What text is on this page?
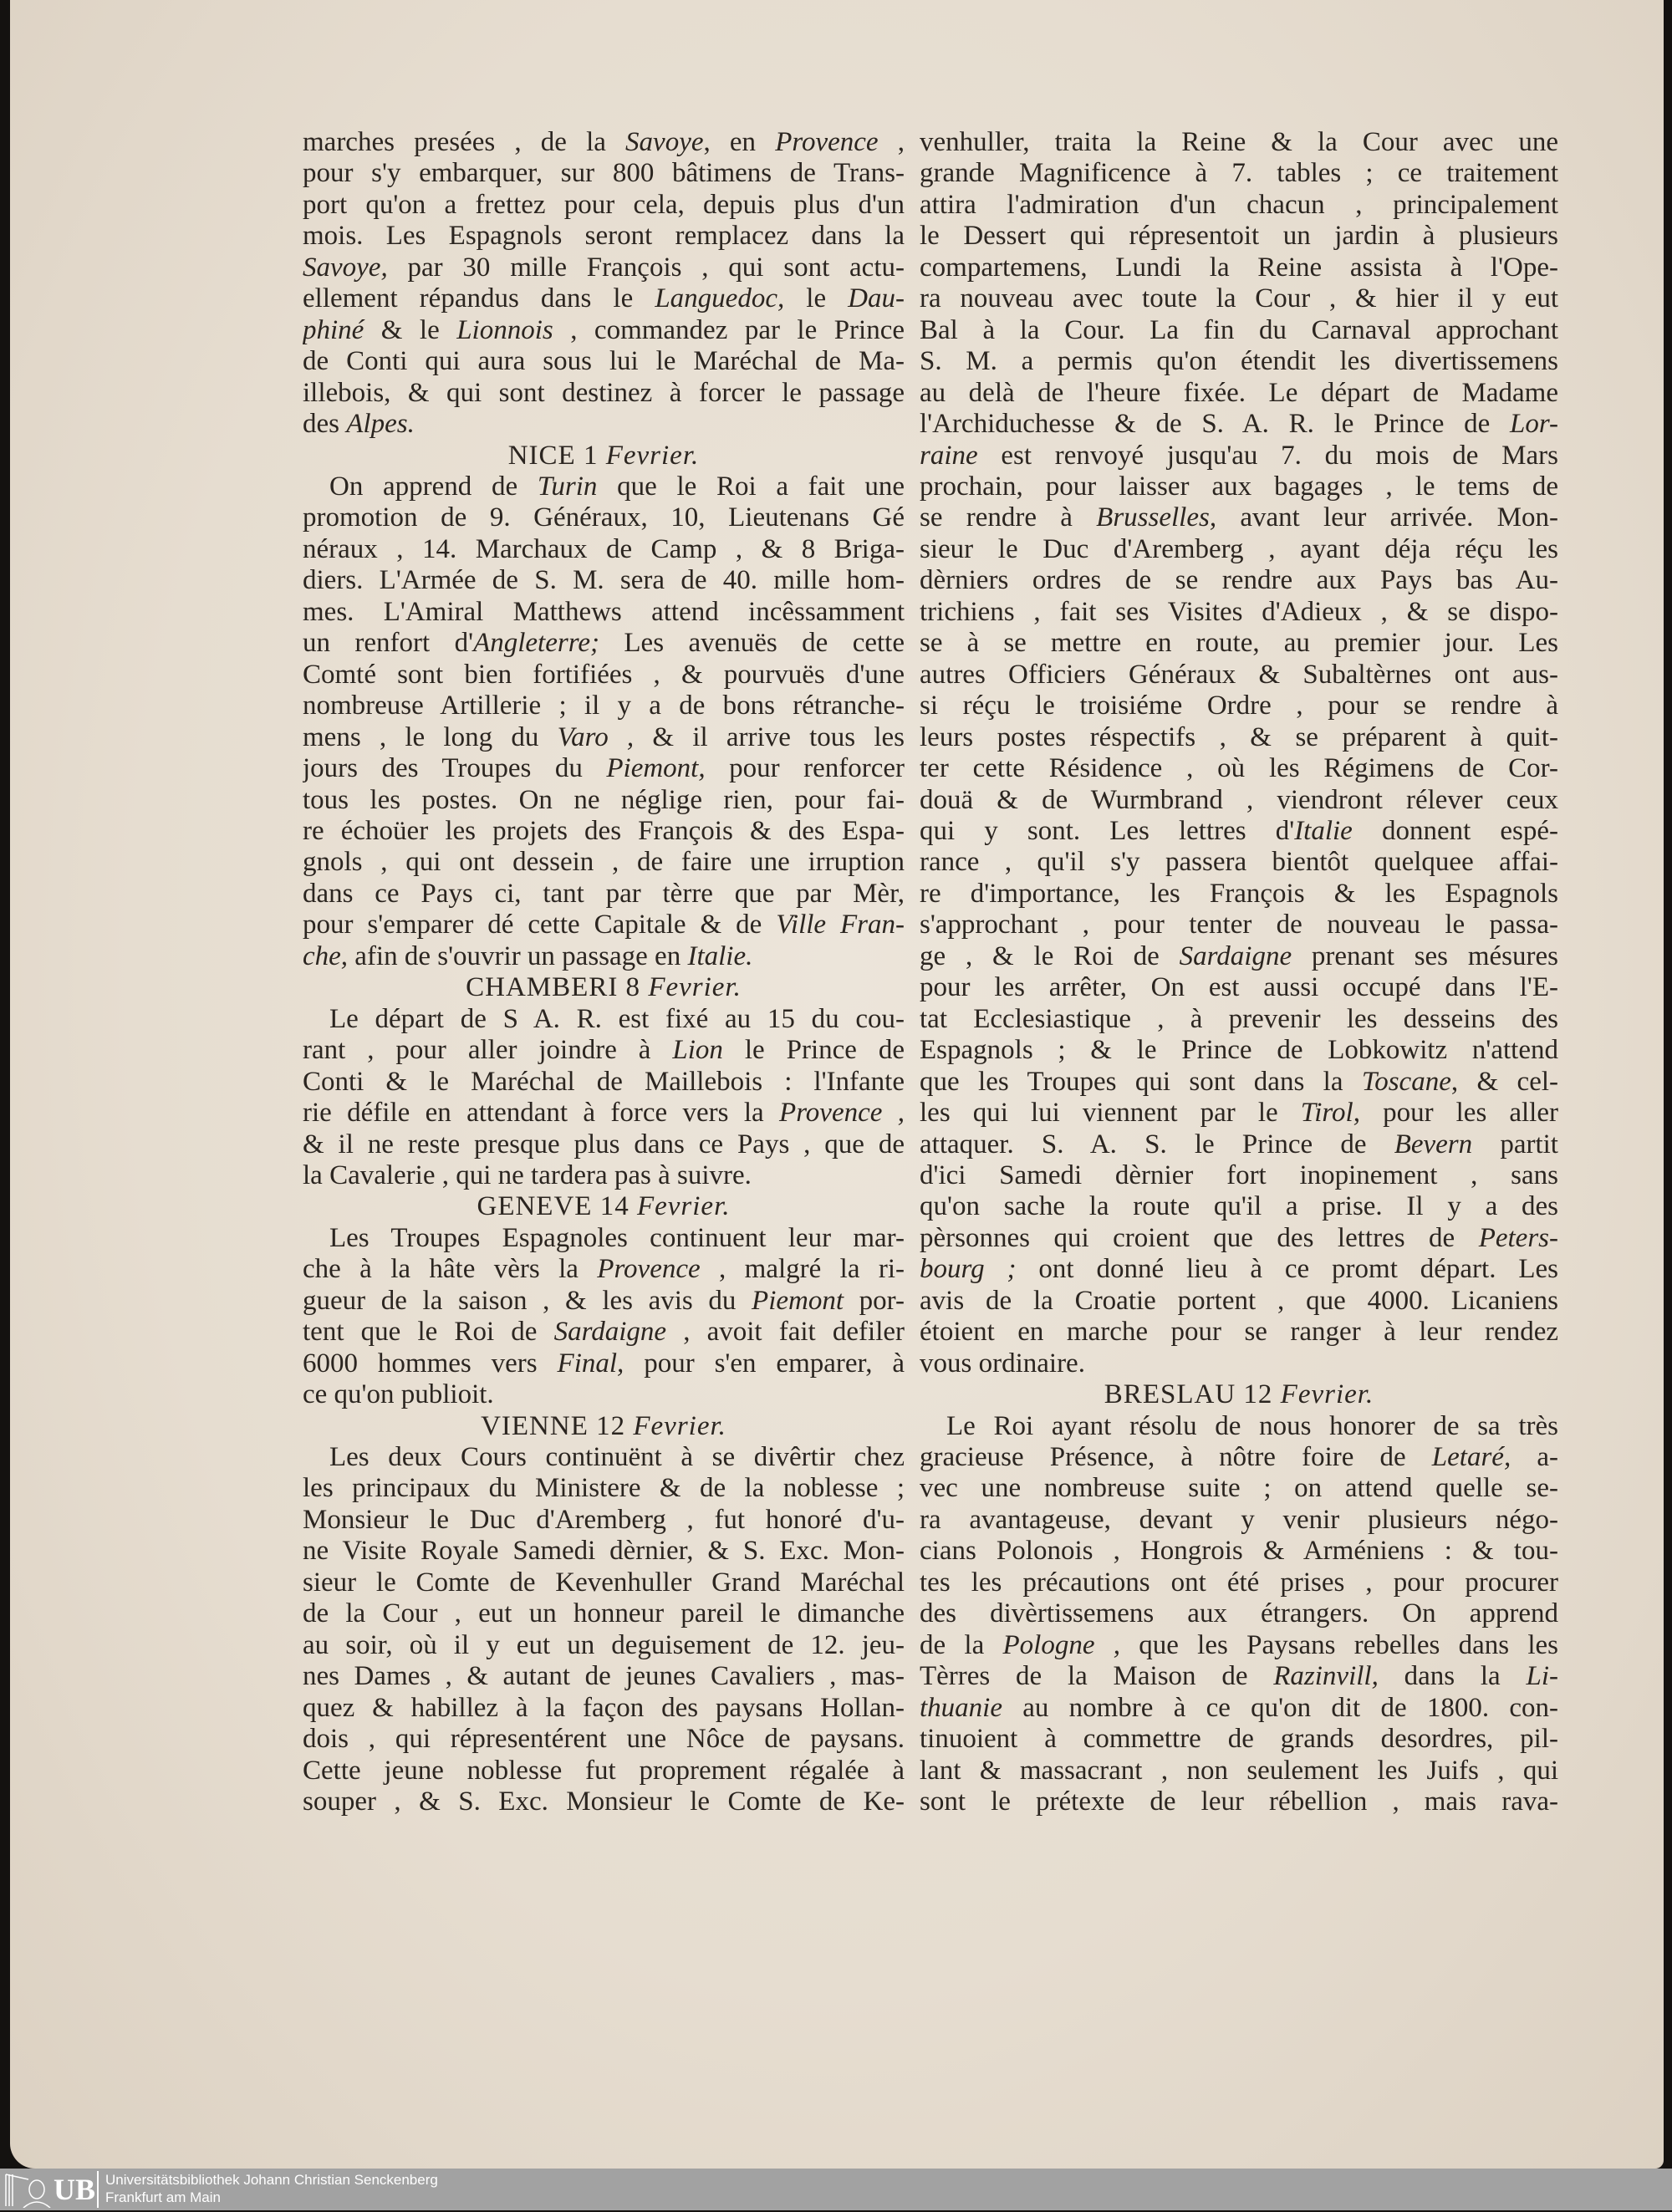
marches presées , de la Savoye, en Provence ,
pour s'y embarquer, sur 800 bâtimens de Trans-
port qu'on a frettez pour cela, depuis plus d'un
mois. Les Espagnols seront remplacez dans la
Savoye, par 30 mille François , qui sont actu-
ellement répandus dans le Languedoc, le Dau-
phiné & le Lionnois , commandez par le Prince
de Conti qui aura sous lui le Maréchal de Ma-
illebois, & qui sont destinez à forcer le passage
des Alpes.
NICE 1 Fevrier.
On apprend de Turin que le Roi a fait une
promotion de 9. Généraux, 10, Lieutenans Gé
néraux , 14. Marchaux de Camp , & 8 Briga-
diers. L'Armée de S. M. sera de 40. mille hom-
mes. L'Amiral Matthews attend incêssamment
un renfort d'Angleterre; Les avenuës de cette
Comté sont bien fortifiées , & pourvuës d'une
nombreuse Artillerie ; il y a de bons rétranche-
mens , le long du Varo , & il arrive tous les
jours des Troupes du Piemont, pour renforcer
tous les postes. On ne néglige rien, pour fai-
re échoüer les projets des François & des Espa-
gnols , qui ont dessein , de faire une irruption
dans ce Pays ci, tant par tèrre que par Mèr,
pour s'emparer dé cette Capitale & de Ville Fran-
che, afin de s'ouvrir un passage en Italie.
CHAMBERI 8 Fevrier.
Le départ de S A. R. est fixé au 15 du cou-
rant , pour aller joindre à Lion le Prince de
Conti & le Maréchal de Maillebois : l'Infante
rie défile en attendant à force vers la Provence ,
& il ne reste presque plus dans ce Pays , que de
la Cavalerie , qui ne tardera pas à suivre.
GENEVE 14 Fevrier.
Les Troupes Espagnoles continuent leur mar-
che à la hâte vèrs la Provence , malgré la ri-
gueur de la saison , & les avis du Piemont por-
tent que le Roi de Sardaigne , avoit fait defiler
6000 hommes vers Final, pour s'en emparer, à
ce qu'on publioit.
VIENNE 12 Fevrier.
Les deux Cours continuënt à se divêrtir chez
les principaux du Ministere & de la noblesse ;
Monsieur le Duc d'Aremberg , fut honoré d'u-
ne Visite Royale Samedi dèrnier, & S. Exc. Mon-
sieur le Comte de Kevenhuller Grand Maréchal
de la Cour , eut un honneur pareil le dimanche
au soir, où il y eut un deguisement de 12. jeu-
nes Dames , & autant de jeunes Cavaliers , mas-
quez & habillez à la façon des paysans Hollan-
dois , qui répresentérent une Nôce de paysans.
Cette jeune noblesse fut proprement régalée à
souper , & S. Exc. Monsieur le Comte de Ke-
venhuller, traita la Reine & la Cour avec une
grande Magnificence à 7. tables ; ce traitement
attira l'admiration d'un chacun , principalement
le Dessert qui répresentoit un jardin à plusieurs
compartemens, Lundi la Reine assista à l'Ope-
ra nouveau avec toute la Cour , & hier il y eut
Bal à la Cour. La fin du Carnaval approchant
S. M. a permis qu'on étendit les divertissemens
au delà de l'heure fixée. Le départ de Madame
l'Archiduchesse & de S. A. R. le Prince de Lor-
raine est renvoyé jusqu'au 7. du mois de Mars
prochain, pour laisser aux bagages , le tems de
se rendre à Brusselles, avant leur arrivée. Mon-
sieur le Duc d'Aremberg , ayant déja réçu les
dèrniers ordres de se rendre aux Pays bas Au-
trichiens , fait ses Visites d'Adieux , & se dispo-
se à se mettre en route, au premier jour. Les
autres Officiers Généraux & Subaltèrnes ont aus-
si réçu le troisiéme Ordre , pour se rendre à
leurs postes réspectifs , & se préparent à quit-
ter cette Résidence , où les Régimens de Cor-
douä & de Wurmbrand , viendront rélever ceux
qui y sont. Les lettres d'Italie donnent espé-
rance , qu'il s'y passera bientôt quelquee affai-
re d'importance, les François & les Espagnols
s'approchant , pour tenter de nouveau le passa-
ge , & le Roi de Sardaigne prenant ses mésures
pour les arrêter, On est aussi occupé dans l'E-
tat Ecclesiastique , à prevenir les desseins des
Espagnols ; & le Prince de Lobkowitz n'attend
que les Troupes qui sont dans la Toscane, & cel-
les qui lui viennent par le Tirol, pour les aller
attaquer. S. A. S. le Prince de Bevern partit
d'ici Samedi dèrnier fort inopinement , sans
qu'on sache la route qu'il a prise. Il y a des
pèrsonnes qui croient que des lettres de Peters-
bourg ; ont donné lieu à ce promt départ. Les
avis de la Croatie portent , que 4000. Licaniens
étoient en marche pour se ranger à leur rendez
vous ordinaire.
BRESLAU 12 Fevrier.
Le Roi ayant résolu de nous honorer de sa très
gracieuse Présence, à nôtre foire de Letaré, a-
vec une nombreuse suite ; on attend quelle se-
ra avantageuse, devant y venir plusieurs négo-
cians Polonois , Hongrois & Arméniens : & tou-
tes les précautions ont été prises , pour procurer
des divèrtissemens aux étrangers. On apprend
de la Pologne , que les Paysans rebelles dans les
Tèrres de la Maison de Razinvill, dans la Li-
thuanie au nombre à ce qu'on dit de 1800. con-
tinuoient à commettre de grands desordres, pil-
lant & massacrant , non seulement les Juifs , qui
sont le prétexte de leur rébellion , mais rava-
UB Universitätsbibliothek Johann Christian Senckenberg
Frankfurt am Main
